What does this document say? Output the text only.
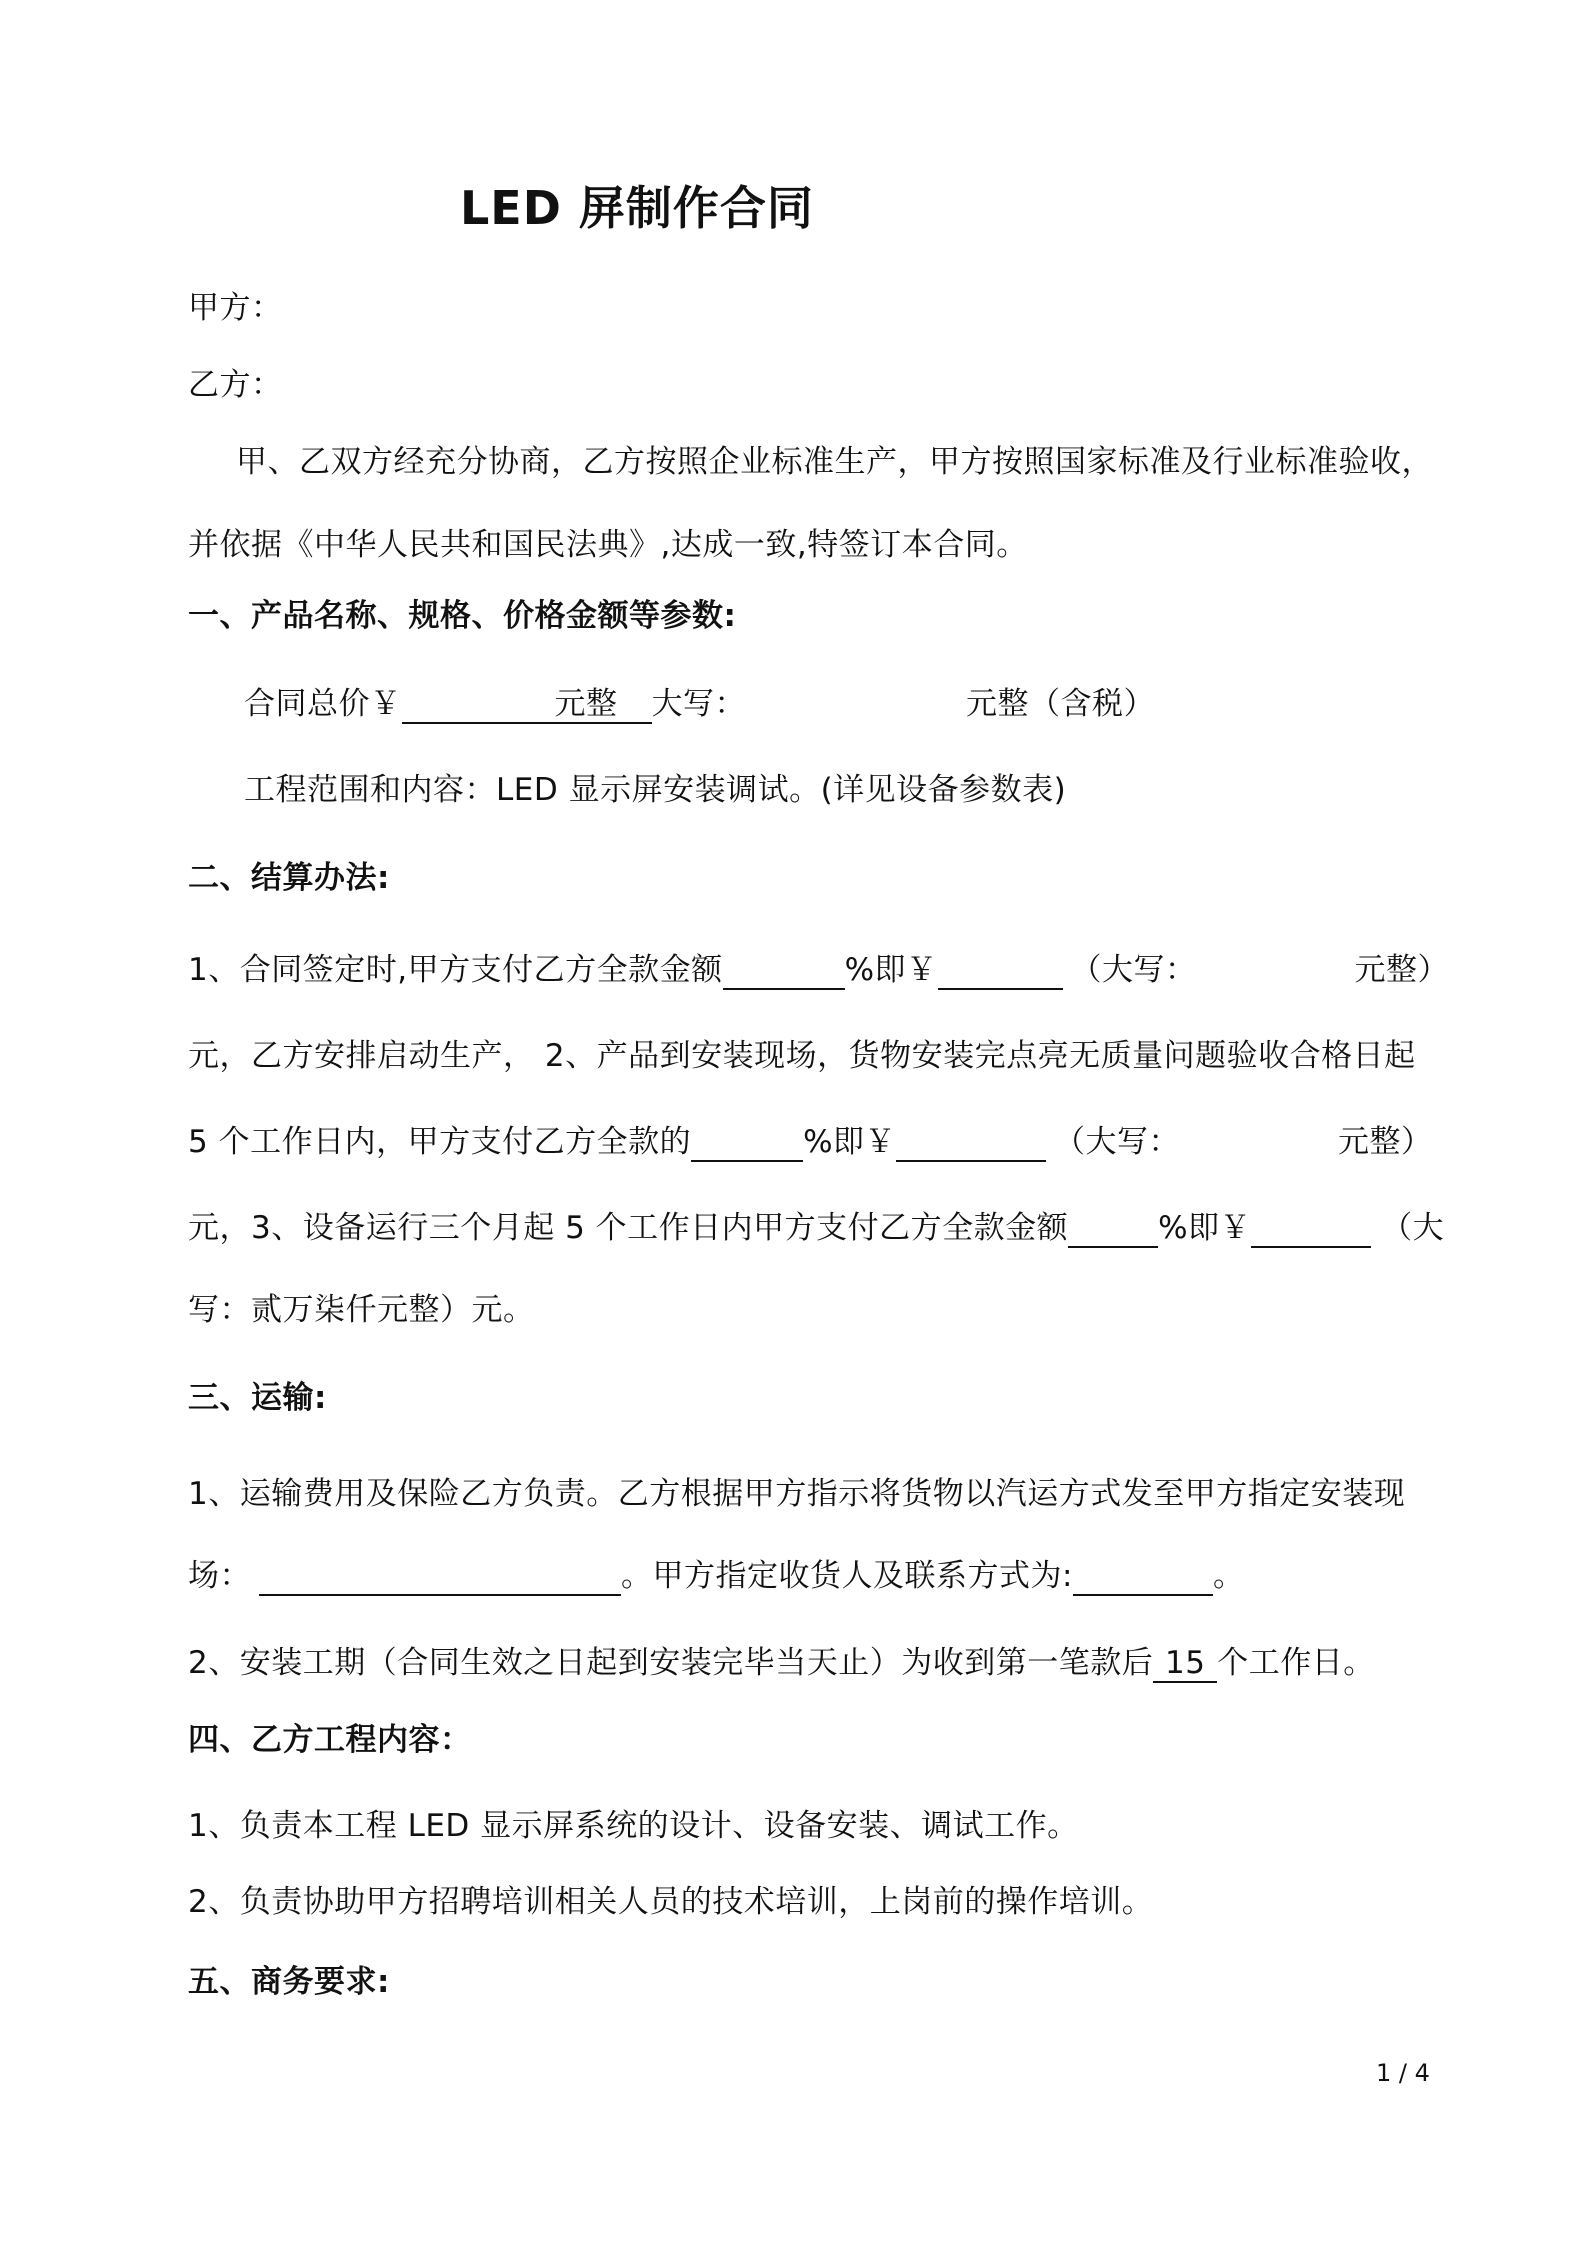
LED 屏制作合同
甲方：
乙方：
甲、乙双方经充分协商，乙方按照企业标准生产，甲方按照国家标准及行业标准验收，
并依据《中华人民共和国民法典》,达成一致,特签订本合同。
一、产品名称、规格、价格金额等参数:
合同总价￥	元整 大写：	元整（含税）
工程范围和内容：LED 显示屏安装调试。(详见设备参数表)
二、结算办法:
1、合同签定时,甲方支付乙方全款金额	%即￥	（大写：	元整）
元，乙方安排启动生产， 2、产品到安装现场，货物安装完点亮无质量问题验收合格日起
5 个工作日内，甲方支付乙方全款的	%即￥	（大写：	元整）
元，3、设备运行三个月起 5 个工作日内甲方支付乙方全款金额	%即￥	（大
写：贰万柒仟元整）元。
三、运输:
1、运输费用及保险乙方负责。乙方根据甲方指示将货物以汽运方式发至甲方指定安装现
场：	。甲方指定收货人及联系方式为:	。
2、安装工期（合同生效之日起到安装完毕当天止）为收到第一笔款后 15 个工作日。
四、乙方工程内容：
1、负责本工程 LED 显示屏系统的设计、设备安装、调试工作。
2、负责协助甲方招聘培训相关人员的技术培训，上岗前的操作培训。
五、商务要求:
1 / 4
